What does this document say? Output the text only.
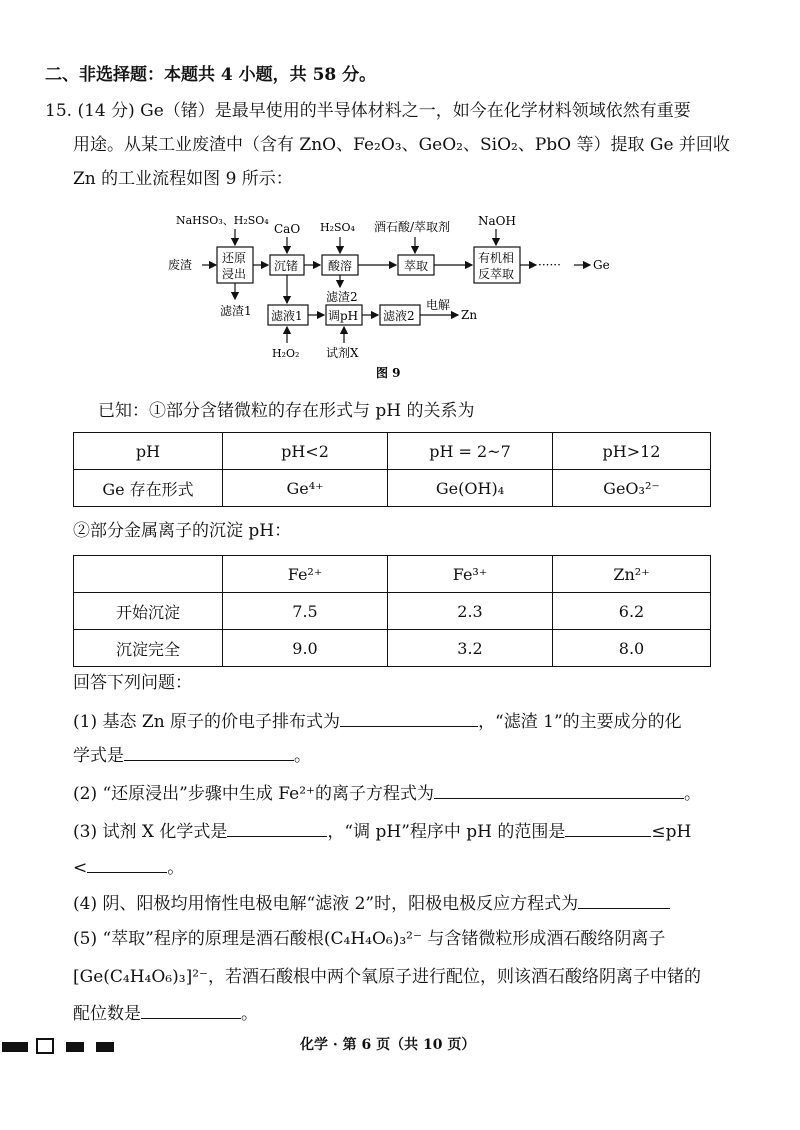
二、非选择题：本题共 4 小题，共 58 分。
15. (14 分) Ge（锗）是最早使用的半导体材料之一，如今在化学材料领域依然有重要
用途。从某工业废渣中（含有 ZnO、Fe₂O₃、GeO₂、SiO₂、PbO 等）提取 Ge 并回收
Zn 的工业流程如图 9 所示：
废渣
NaHSO₃、H₂SO₄
还原
浸出
滤渣1
CaO
沉锗
H₂SO₄
酸溶
滤渣2
酒石酸/萃取剂
萃取
NaOH
有机相
反萃取
······	Ge
滤液1
H₂O₂
调pH
试剂X
滤液2
电解
Zn
图 9
已知：①部分含锗微粒的存在形式与 pH 的关系为
pH	pH<2	pH = 2~7	pH>12
Ge 存在形式	Ge⁴⁺	Ge(OH)₄	GeO₃²⁻
②部分金属离子的沉淀 pH：
	Fe²⁺	Fe³⁺	Zn²⁺
开始沉淀	7.5	2.3	6.2
沉淀完全	9.0	3.2	8.0
回答下列问题：
(1) 基态 Zn 原子的价电子排布式为	，“滤渣 1”的主要成分的化
学式是	。
(2) “还原浸出”步骤中生成 Fe²⁺的离子方程式为	。
(3) 试剂 X 化学式是	，“调 pH”程序中 pH 的范围是	≤pH
<	。
(4) 阴、阳极均用惰性电极电解“滤液 2”时，阳极电极反应方程式为
(5) “萃取”程序的原理是酒石酸根(C₄H₄O₆)₃²⁻ 与含锗微粒形成酒石酸络阴离子
[Ge(C₄H₄O₆)₃]²⁻，若酒石酸根中两个氧原子进行配位，则该酒石酸络阴离子中锗的
配位数是	。
化学 · 第 6 页（共 10 页）
